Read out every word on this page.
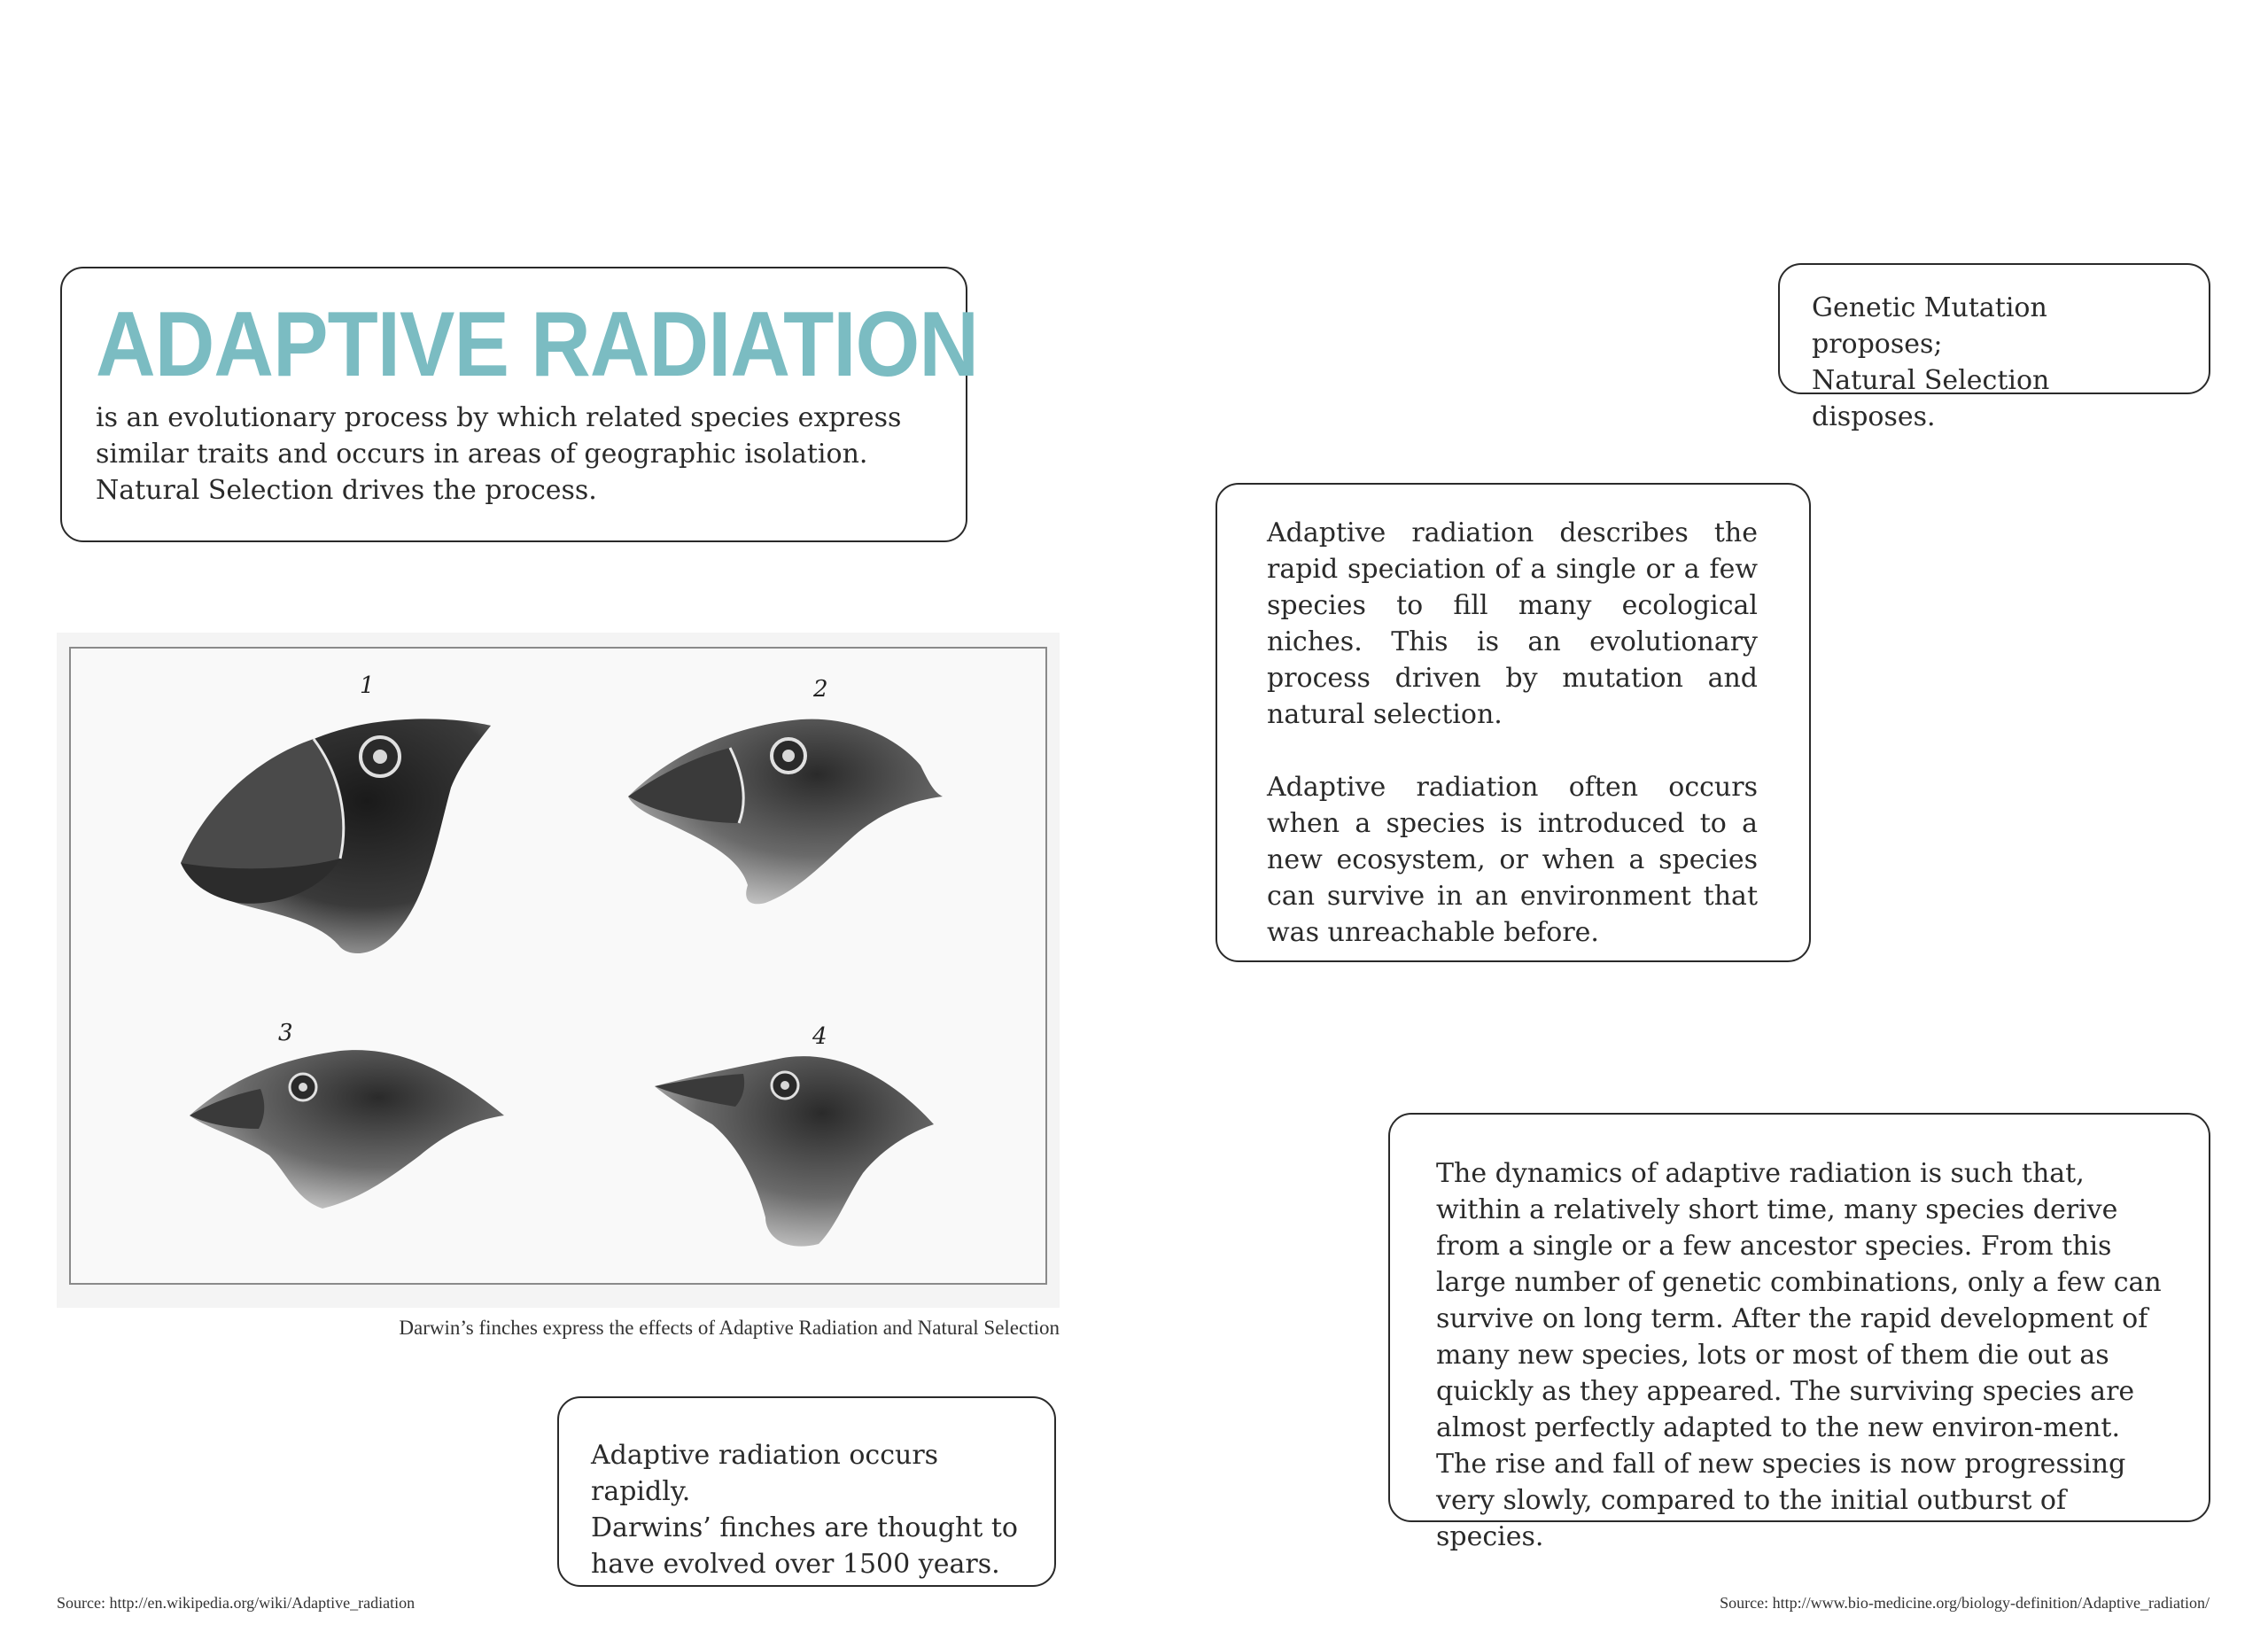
ADAPTIVE RADIATION

is an evolutionary process by which related species express similar traits and occurs in areas of geographic isolation. Natural Selection drives the process.

Genetic Mutation proposes;
Natural Selection disposes.

Adaptive radiation describes the rapid speciation of a single or a few species to fill many ecological niches. This is an evolutionary process driven by mutation and natural selection.

Adaptive radiation often occurs when a species is introduced to a new ecosystem, or when a species can survive in an environment that was unreachable before.

The dynamics of adaptive radiation is such that, within a relatively short time, many species derive from a single or a few ancestor species. From this large number of genetic combinations, only a few can survive on long term. After the rapid development of many new species, lots or most of them die out as quickly as they appeared. The surviving species are almost perfectly adapted to the new environ-ment. The rise and fall of new species is now progressing very slowly, compared to the initial outburst of species.

Adaptive radiation occurs rapidly.
Darwins’ finches are thought to
have evolved over 1500 years.

1	2
3	4

Darwin’s finches express the effects of Adaptive Radiation and Natural Selection

Source: http://en.wikipedia.org/wiki/Adaptive_radiation	Source: http://www.bio-medicine.org/biology-definition/Adaptive_radiation/
